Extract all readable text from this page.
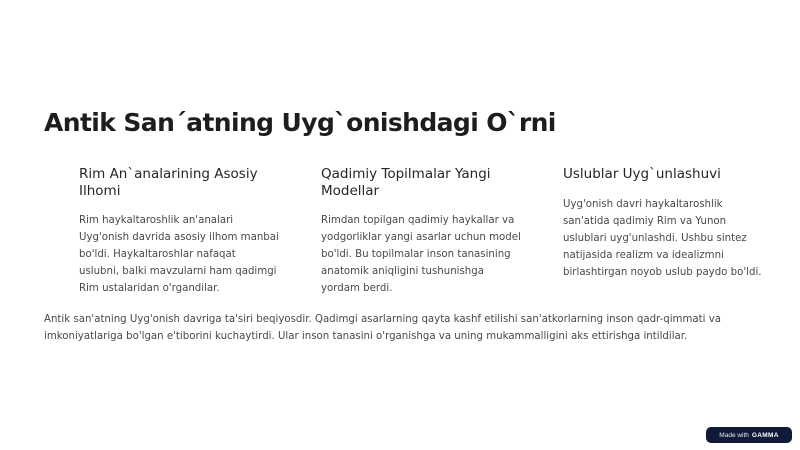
Antik San´atning Uyg`onishdagi O`rni
Rim An`analarining Asosiy Ilhomi

Rim haykaltaroshlik an'analari Uyg'onish davrida asosiy ilhom manbai bo'ldi. Haykaltaroshlar nafaqat uslubni, balki mavzularni ham qadimgi Rim ustalaridan o'rgandilar.

Qadimiy Topilmalar Yangi Modellar

Rimdan topilgan qadimiy haykallar va yodgorliklar yangi asarlar uchun model bo'ldi. Bu topilmalar inson tanasining anatomik aniqligini tushunishga yordam berdi.

Uslublar Uyg`unlashuvi

Uyg'onish davri haykaltaroshlik san'atida qadimiy Rim va Yunon uslublari uyg'unlashdi. Ushbu sintez natijasida realizm va idealizmni birlashtirgan noyob uslub paydo bo'ldi.

Antik san'atning Uyg'onish davriga ta'siri beqiyosdir. Qadimgi asarlarning qayta kashf etilishi san'atkorlarning inson qadr-qimmati va imkoniyatlariga bo'lgan e'tiborini kuchaytirdi. Ular inson tanasini o'rganishga va uning mukammalligini aks ettirishga intildilar.

Made with GAMMA
